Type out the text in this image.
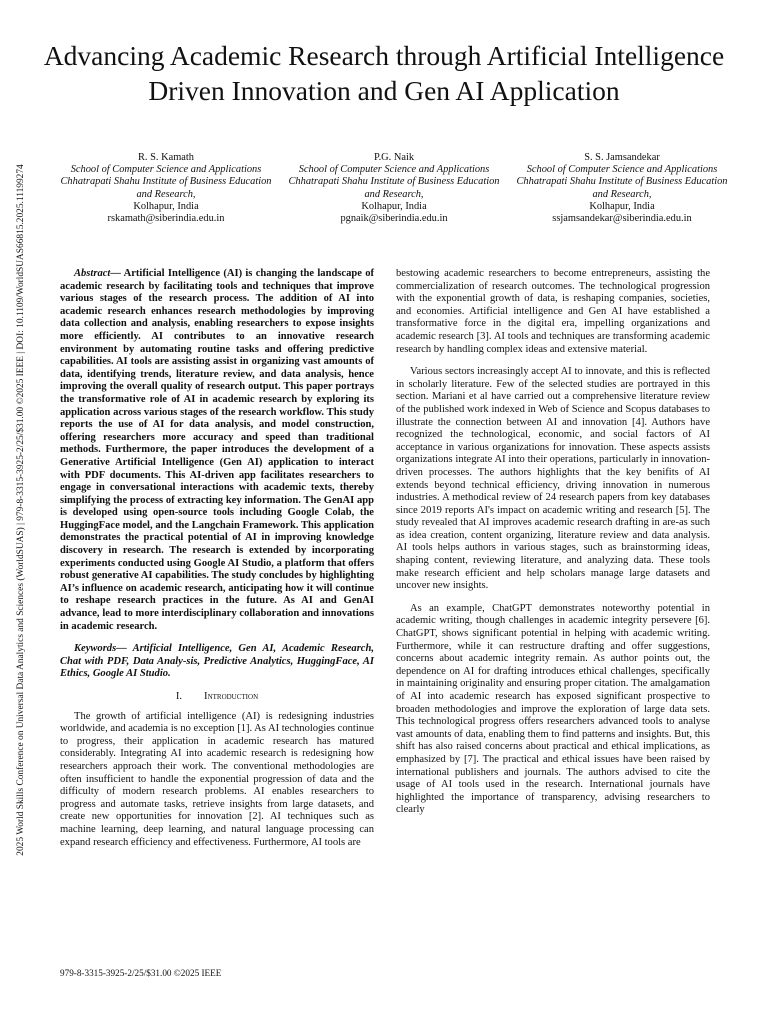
2025 World Skills Conference on Universal Data Analytics and Sciences (WorldSUAS) | 979-8-3315-3925-2/25/$31.00 ©2025 IEEE | DOI: 10.1109/WorldSUAS66815.2025.11199274
Advancing Academic Research through Artificial Intelligence Driven Innovation and Gen AI Application
R. S. Kamath
School of Computer Science and Applications
Chhatrapati Shahu Institute of Business Education and Research,
Kolhapur, India
rskamath@siberindia.edu.in
P.G. Naik
School of Computer Science and Applications
Chhatrapati Shahu Institute of Business Education and Research,
Kolhapur, India
pgnaik@siberindia.edu.in
S. S. Jamsandekar
School of Computer Science and Applications
Chhatrapati Shahu Institute of Business Education and Research,
Kolhapur, India
ssjamsandekar@siberindia.edu.in

Abstract— Artificial Intelligence (AI) is changing the landscape of academic research by facilitating tools and techniques that improve various stages of the research process. The addition of AI into academic research enhances research methodologies by improving data collection and analysis, enabling researchers to expose insights more efficiently. AI contributes to an innovative research environment by automating routine tasks and offering predictive capabilities. AI tools are assisting assist in organizing vast amounts of data, identifying trends, literature review, and data analysis, hence improving the overall quality of research output. This paper portrays the transformative role of AI in academic research by exploring its application across various stages of the research workflow. This study reports the use of AI for data analysis, and model construction, offering researchers more accuracy and speed than traditional methods. Furthermore, the paper introduces the development of a Generative Artificial Intelligence (Gen AI) application to interact with PDF documents. This AI-driven app facilitates researchers to engage in conversational interactions with academic texts, thereby simplifying the process of extracting key information. The GenAI app is developed using open-source tools including Google Colab, the HuggingFace model, and the Langchain Framework. This application demonstrates the practical potential of AI in improving knowledge discovery in research. The research is extended by incorporating experiments conducted using Google AI Studio, a platform that offers robust generative AI capabilities. The study concludes by highlighting AI’s influence on academic research, anticipating how it will continue to reshape research practices in the future. As AI and GenAI advance, lead to more interdisciplinary collaboration and innovations in academic research.

Keywords— Artificial Intelligence, Gen AI, Academic Research, Chat with PDF, Data Analy-sis, Predictive Analytics, HuggingFace, AI Ethics, Google AI Studio.

I. Introduction

The growth of artificial intelligence (AI) is redesigning industries worldwide, and academia is no exception [1]. As AI technologies continue to progress, their application in academic research has matured considerably. Integrating AI into academic research is redesigning how researchers approach their work. The conventional methodologies are often insufficient to handle the exponential progression of data and the difficulty of modern research problems. AI enables researchers to progress and automate tasks, retrieve insights from large datasets, and create new opportunities for innovation [2]. AI techniques such as machine learning, deep learning, and natural language processing can expand research efficiency and effectiveness. Furthermore, AI tools are

bestowing academic researchers to become entrepreneurs, assisting the commercialization of research outcomes. The technological progression with the exponential growth of data, is reshaping companies, societies, and economies. Artificial intelligence and Gen AI have established a transformative force in the digital era, impelling organizations and academic research [3]. AI tools and techniques are transforming academic research by handling complex ideas and extensive material.

Various sectors increasingly accept AI to innovate, and this is reflected in scholarly literature. Few of the selected studies are portrayed in this section. Mariani et al have carried out a comprehensive literature review of the published work indexed in Web of Science and Scopus databases to illustrate the connection between AI and innovation [4]. Authors have recognized the technological, economic, and social factors of AI acceptance in various organizations for innovation. These aspects assists organizations integrate AI into their operations, particularly in innovation-driven processes. The authors highlights that the key benifits of AI extends beyond technical efficiency, driving innovation in numerous industries. A methodical review of 24 research papers from key databases since 2019 reports AI's impact on academic writing and research [5]. The study revealed that AI improves academic research drafting in are-as such as idea creation, content organizing, literature review and data analysis. AI tools helps authors in various stages, such as brainstorming ideas, shaping content, reviewing literature, and analyzing data. These tools make research efficient and help scholars manage large datasets and uncover new insights.

As an example, ChatGPT demonstrates noteworthy potential in academic writing, though challenges in academic integrity persevere [6]. ChatGPT, shows significant potential in helping with academic writing. Furthermore, while it can restructure drafting and offer suggestions, concerns about academic integrity remain. As author points out, the dependence on AI for drafting introduces ethical challenges, specifically in maintaining originality and ensuring proper citation. The amalgamation of AI into academic research has exposed significant prospective to broaden methodologies and improve the exploration of large data sets. This technological progress offers researchers advanced tools to analyse vast amounts of data, enabling them to find patterns and insights. But, this shift has also raised concerns about practical and ethical implications, as emphasized by [7]. The practical and ethical issues have been raised by international publishers and journals. The authors advised to cite the usage of AI tools used in the research. International journals have highlighted the importance of transparency, advising researchers to clearly

979-8-3315-3925-2/25/$31.00 ©2025 IEEE
